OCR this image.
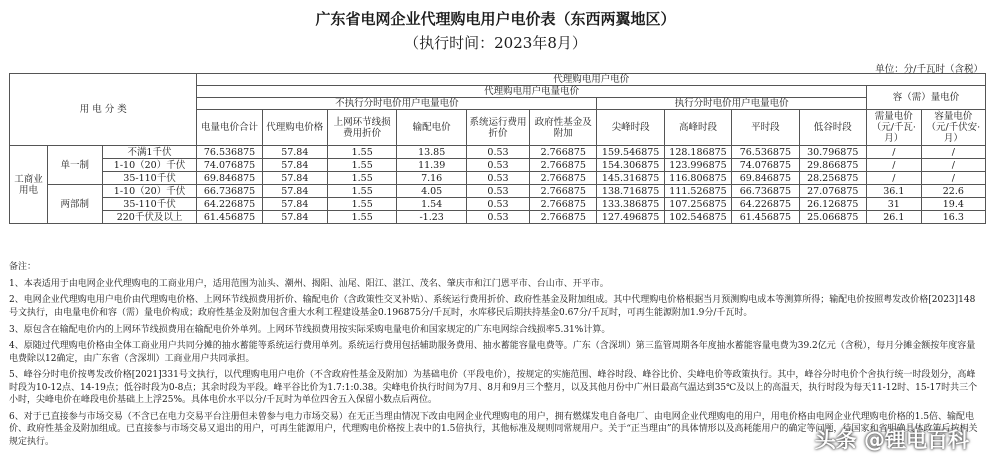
广东省电网企业代理购电用户电价表（东西两翼地区）
（执行时间：2023年8月）
单位：分/千瓦时（含税）
用 电 分 类			代理购电用户电价											
			代理购电用户电量电价										容（需）量电价	
			不执行分时电价用户电量电价						执行分时电价用户电量电价					
			电量电价合计	代理购电价格	上网环节线损费用折价	输配电价	系统运行费用折价	政府性基金及附加	尖峰时段	高峰时段	平时段	低谷时段	需量电价（元/千瓦·月）	容量电价（元/千伏安·月）
工商业用电	单一制	不满1千伏	76.536875	57.84	1.55	13.85	0.53	2.766875	159.546875	128.186875	76.536875	30.796875	/	/
		1-10（20）千伏	74.076875	57.84	1.55	11.39	0.53	2.766875	154.306875	123.996875	74.076875	29.866875	/	/
		35-110千伏	69.846875	57.84	1.55	7.16	0.53	2.766875	145.316875	116.806875	69.846875	28.256875	/	/
	两部制	1-10（20）千伏	66.736875	57.84	1.55	4.05	0.53	2.766875	138.716875	111.526875	66.736875	27.076875	36.1	22.6
		35-110千伏	64.226875	57.84	1.55	1.54	0.53	2.766875	133.386875	107.256875	64.226875	26.126875	31	19.4
		220千伏及以上	61.456875	57.84	1.55	-1.23	0.53	2.766875	127.496875	102.546875	61.456875	25.066875	26.1	16.3

备注：

1、本表适用于由电网企业代理购电的工商业用户，适用范围为汕头、潮州、揭阳、汕尾、阳江、湛江、茂名、肇庆市和江门恩平市、台山市、开平市。

2、电网企业代理购电用户电价由代理购电价格、上网环节线损费用折价、输配电价（含政策性交叉补贴）、系统运行费用折价、政府性基金及附加组成。其中代理购电价格根据当月预测购电成本等测算所得；输配电价按照粤发改价格[2023]148号文执行，由电量电价和容（需）量电价构成；政府性基金及附加包含重大水利工程建设基金0.196875分/千瓦时，水库移民后期扶持基金0.67分/千瓦时，可再生能源附加1.9分/千瓦时。

3、原包含在输配电价内的上网环节线损费用在输配电价外单列。上网环节线损费用按实际采购电量电价和国家规定的广东电网综合线损率5.31%计算。

4、原随过代理购电价格由全体工商业用户共同分摊的抽水蓄能等系统运行费用单列。系统运行费用包括辅助服务费用、抽水蓄能容量电费等。广东（含深圳）第三监管周期各年度抽水蓄能容量电费为39.2亿元（含税），每月分摊金额按年度容量电费除以12确定，由广东省（含深圳）工商业用户共同承担。

5、峰谷分时电价按粤发改价格[2021]331号文执行，以代理购电用户电价（不含政府性基金及附加）为基础电价（平段电价），按规定的实施范围、峰谷时段、峰谷比价、尖峰电价等政策执行。其中，峰谷分时电价个舍执行统一时段划分，高峰时段为10-12点、14-19点；低谷时段为0-8点；其余时段为平段。峰平谷比价为1.7:1:0.38。尖峰电价执行时间为7月、8月和9月三个整月，以及其他月份中广州日最高气温达到35℃及以上的高温天，执行时段为每天11-12时、15-17时共三个小时，尖峰电价在峰段电价基础上上浮25%。具体电价水平以分/千瓦时为单位四舍五入保留小数点后两位。

6、对于已直接参与市场交易（不含已在电力交易平台注册但未曾参与电力市场交易）在无正当理由情况下改由电网企业代理购电的用户，拥有燃煤发电自备电厂、由电网企业代理购电的用户，用电价格由电网企业代理购电价格的1.5倍、输配电价、政府性基金及附加组成。已直接参与市场交易又退出的用户，可再生能源用户，代理购电价格按上表中的1.5倍执行，其他标准及规则同常规用户。关于“正当理由”的具体情形以及高耗能用户的确定等问题，待国家和省明确具体政策后按相关规定执行。	头条 @锂电百科
